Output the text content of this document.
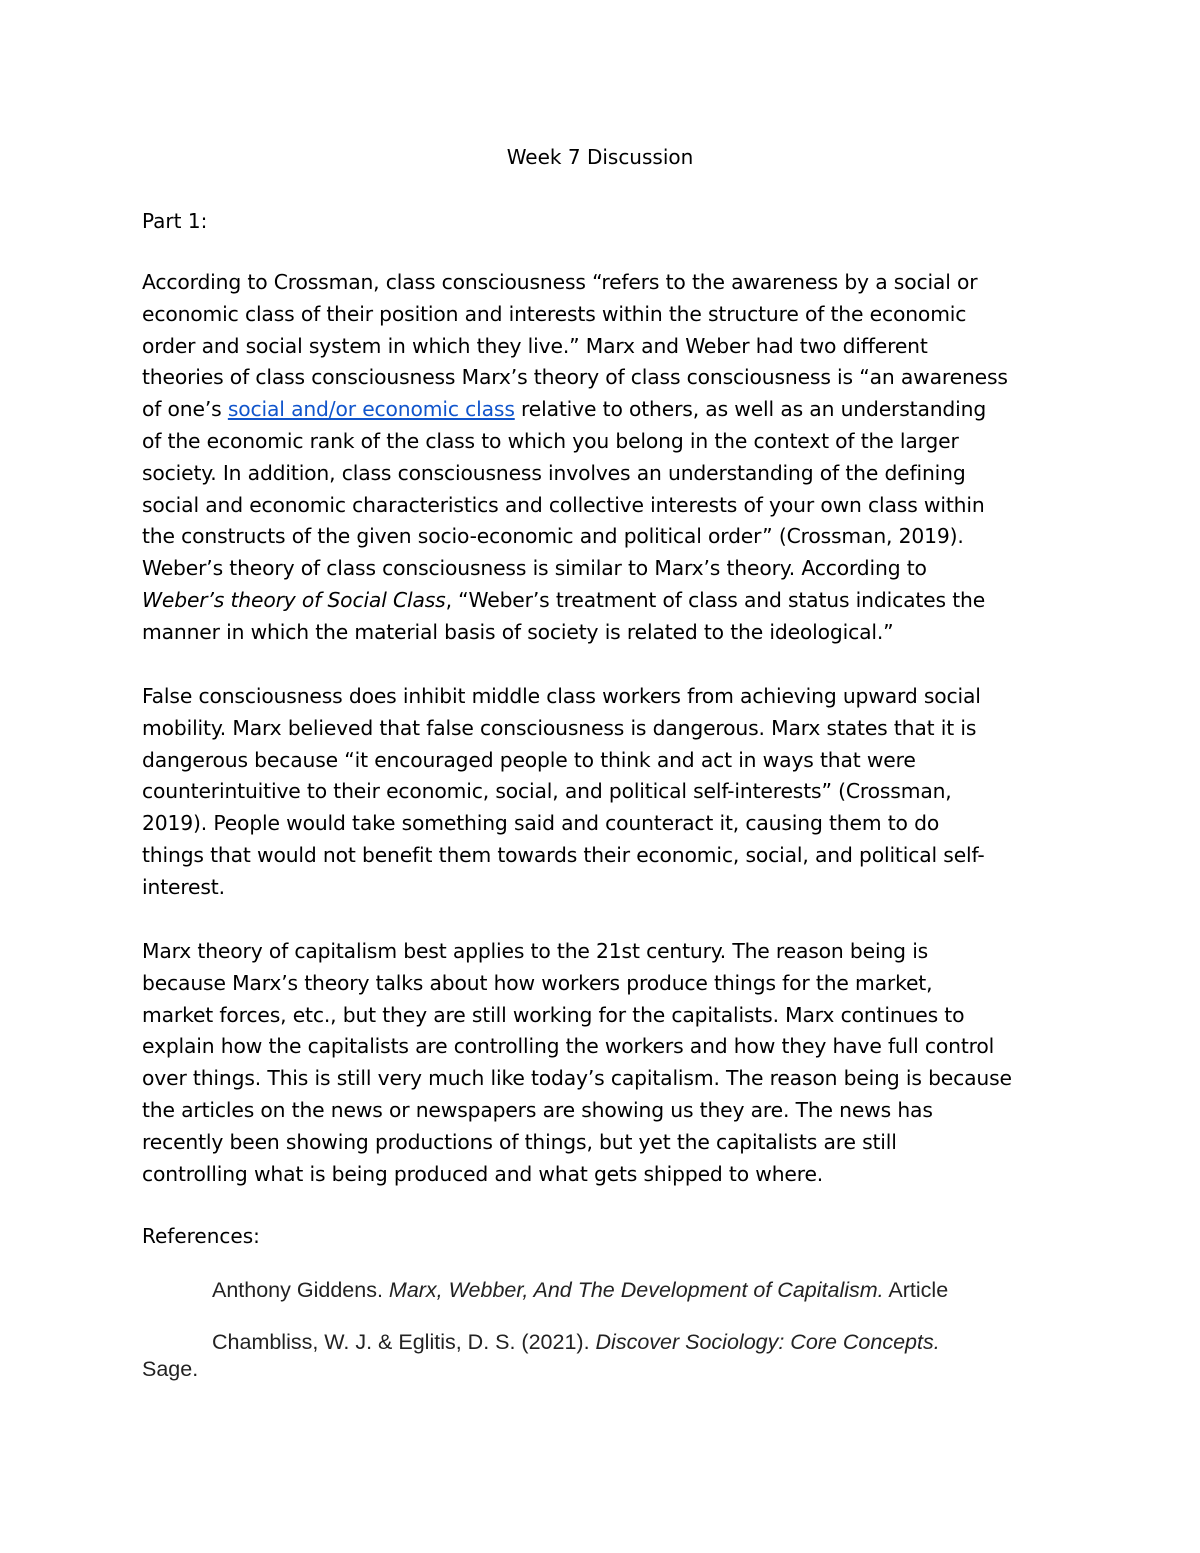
Week 7 Discussion
Part 1:
According to Crossman, class consciousness “refers to the awareness by a social or
economic class of their position and interests within the structure of the economic
order and social system in which they live.” Marx and Weber had two different
theories of class consciousness Marx’s theory of class consciousness is “an awareness
of one’s social and/or economic class relative to others, as well as an understanding
of the economic rank of the class to which you belong in the context of the larger
society. In addition, class consciousness involves an understanding of the defining
social and economic characteristics and collective interests of your own class within
the constructs of the given socio-economic and political order” (Crossman, 2019).
Weber’s theory of class consciousness is similar to Marx’s theory. According to
Weber’s theory of Social Class, “Weber’s treatment of class and status indicates the
manner in which the material basis of society is related to the ideological.”
False consciousness does inhibit middle class workers from achieving upward social
mobility. Marx believed that false consciousness is dangerous. Marx states that it is
dangerous because “it encouraged people to think and act in ways that were
counterintuitive to their economic, social, and political self-interests” (Crossman,
2019). People would take something said and counteract it, causing them to do
things that would not benefit them towards their economic, social, and political self-
interest.
Marx theory of capitalism best applies to the 21st century. The reason being is
because Marx’s theory talks about how workers produce things for the market,
market forces, etc., but they are still working for the capitalists. Marx continues to
explain how the capitalists are controlling the workers and how they have full control
over things. This is still very much like today’s capitalism. The reason being is because
the articles on the news or newspapers are showing us they are. The news has
recently been showing productions of things, but yet the capitalists are still
controlling what is being produced and what gets shipped to where.
References:
Anthony Giddens. Marx, Webber, And The Development of Capitalism. Article
Chambliss, W. J. & Eglitis, D. S. (2021). Discover Sociology: Core Concepts.
Sage.
